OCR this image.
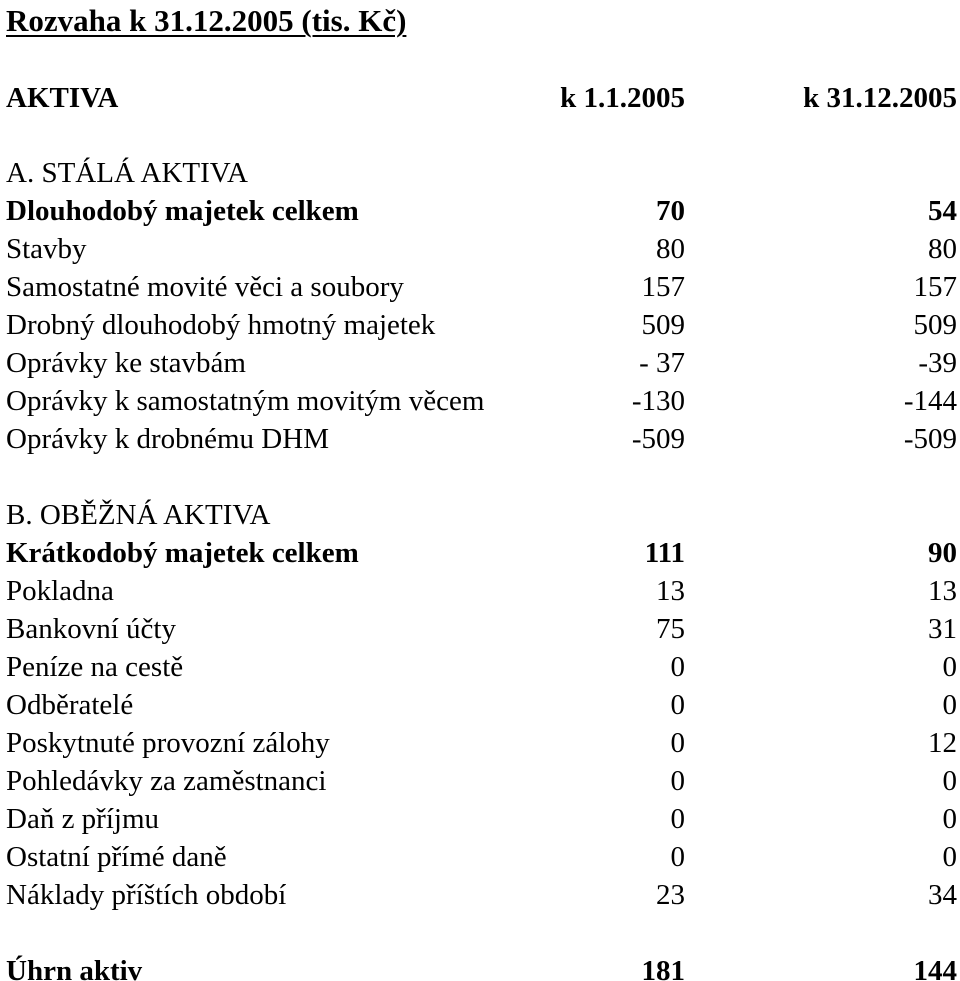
Rozvaha k 31.12.2005 (tis. Kč)
AKTIVA	k 1.1.2005	k 31.12.2005
A. STÁLÁ AKTIVA
Dlouhodobý majetek celkem	70	54
Stavby	80	80
Samostatné movité věci a soubory	157	157
Drobný dlouhodobý hmotný majetek	509	509
Oprávky ke stavbám	- 37	-39
Oprávky k samostatným movitým věcem	-130	-144
Oprávky k drobnému DHM	-509	-509
B. OBĚŽNÁ AKTIVA
Krátkodobý majetek celkem	111	90
Pokladna	13	13
Bankovní účty	75	31
Peníze na cestě	0	0
Odběratelé	0	0
Poskytnuté provozní zálohy	0	12
Pohledávky za zaměstnanci	0	0
Daň z příjmu	0	0
Ostatní přímé daně	0	0
Náklady příštích období	23	34
Úhrn aktiv	181	144
